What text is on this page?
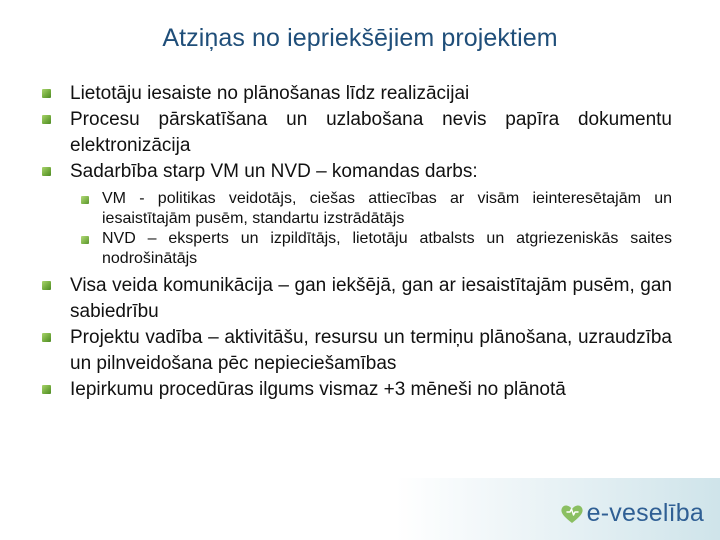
Atziņas no iepriekšējiem projektiem
Lietotāju iesaiste no plānošanas līdz realizācijai
Procesu pārskatīšana un uzlabošana nevis papīra dokumentu elektronizācija
Sadarbība starp VM un NVD – komandas darbs:
VM - politikas veidotājs, ciešas attiecības ar visām ieinteresētajām un iesaistītajām pusēm, standartu izstrādātājs
NVD – eksperts un izpildītājs, lietotāju atbalsts un atgriezeniskās saites nodrošinātājs
Visa veida komunikācija – gan iekšējā, gan ar iesaistītajām pusēm, gan sabiedrību
Projektu vadība – aktivitāšu, resursu un termiņu plānošana, uzraudzība un pilnveidošana pēc nepieciešamības
Iepirkumu procedūras ilgums vismaz +3 mēneši no plānotā
e-veselība
